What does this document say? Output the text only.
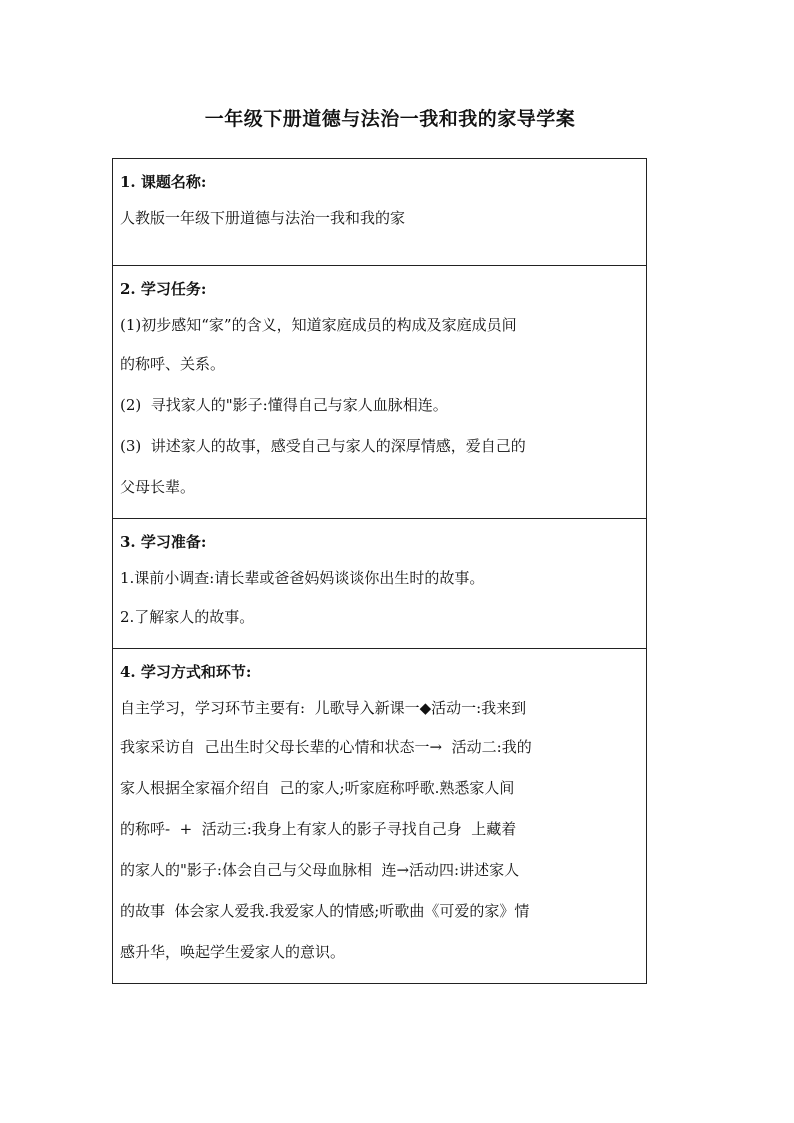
一年级下册道德与法治一我和我的家导学案
1. 课题名称:
人教版一年级下册道德与法治一我和我的家

2. 学习任务:
(1)初步感知“家”的含义，知道家庭成员的构成及家庭成员间
的称呼、关系。
(2)  寻找家人的"影子:懂得自己与家人血脉相连。
(3)  讲述家人的故事，感受自己与家人的深厚情感，爱自己的
父母长辈。

3. 学习准备:
1.课前小调查:请长辈或爸爸妈妈谈谈你出生时的故事。
2.了解家人的故事。

4. 学习方式和环节:
自主学习，学习环节主要有:  儿歌导入新课一◆活动一:我来到
我家采访自  己出生时父母长辈的心情和状态一→  活动二:我的
家人根据全家福介绍自  己的家人;听家庭称呼歌.熟悉家人间
的称呼-  +  活动三:我身上有家人的影子寻找自己身  上藏着
的家人的"影子:体会自己与父母血脉相  连→活动四:讲述家人
的故事  体会家人爱我.我爱家人的情感;听歌曲《可爱的家》情
感升华，唤起学生爱家人的意识。
